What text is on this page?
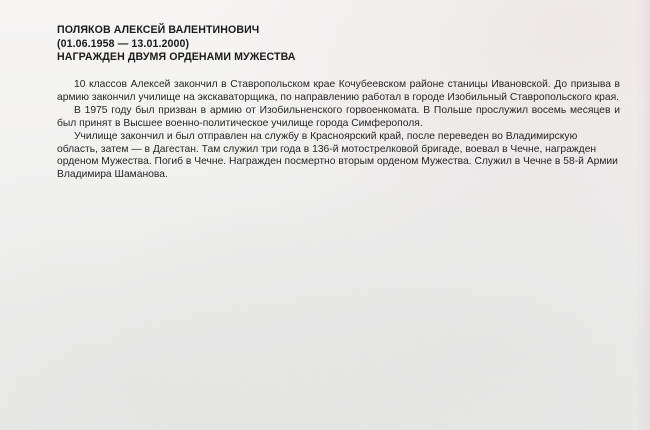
ПОЛЯКОВ АЛЕКСЕЙ ВАЛЕНТИНОВИЧ
(01.06.1958 — 13.01.2000)
НАГРАЖДЕН ДВУМЯ ОРДЕНАМИ МУЖЕСТВА

10 классов Алексей закончил в Ставропольском крае Кочубеевском районе станицы Ивановской. До призыва в армию закончил училище на экскаваторщика, по направлению работал в городе Изобильный Ставропольского края.

В 1975 году был призван в армию от Изобильненского горвоенкомата. В Польше прослужил восемь месяцев и был принят в Высшее военно-политическое училище города Симферополя.

Училище закончил и был отправлен на службу в Красноярский край, после переведен во Владимирскую область, затем — в Дагестан. Там служил три года в 136-й мотострелковой бригаде, воевал в Чечне, награжден орденом Мужества. Погиб в Чечне. Награжден посмертно вторым орденом Мужества. Служил в Чечне в 58-й Армии Владимира Шаманова.
